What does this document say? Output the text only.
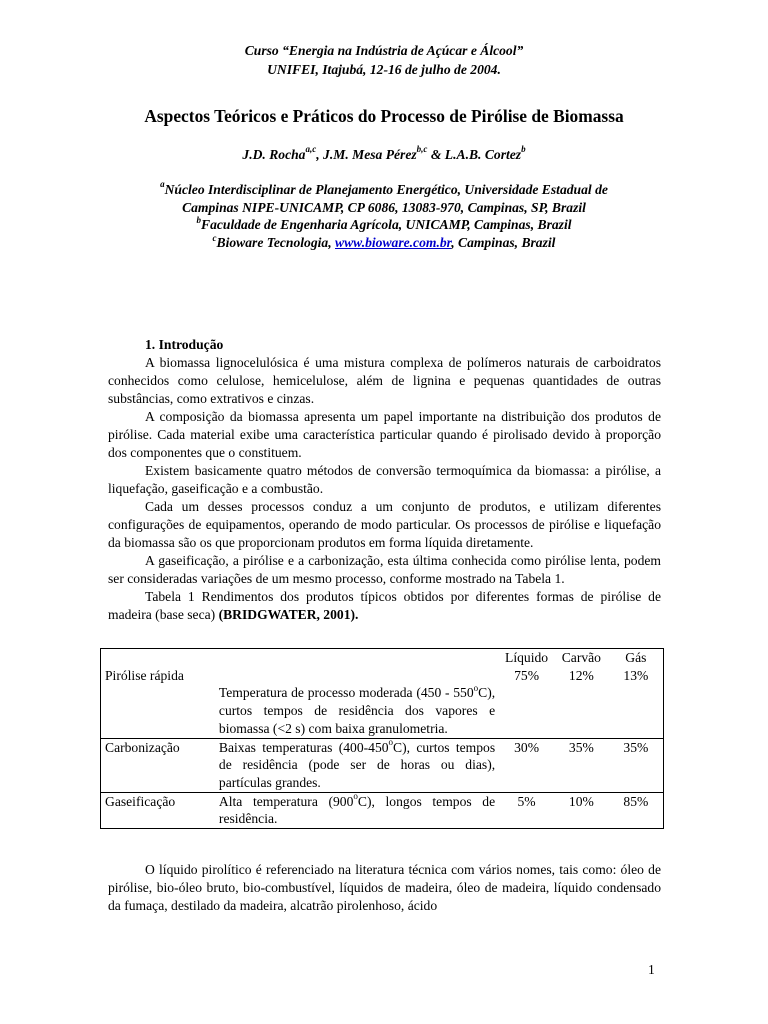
Curso “Energia na Indústria de Açúcar e Álcool”
UNIFEI, Itajubá, 12-16 de julho de 2004.
Aspectos Teóricos e Práticos do Processo de Pirólise de Biomassa
J.D. Rocha$^{a,c}$, J.M. Mesa Pérez$^{b,c}$ & L.A.B. Cortez$^b$
$^a$Núcleo Interdisciplinar de Planejamento Energético, Universidade Estadual de
Campinas NIPE-UNICAMP, CP 6086, 13083-970, Campinas, SP, Brazil
$^b$Faculdade de Engenharia Agrícola, UNICAMP, Campinas, Brazil
$^c$Bioware Tecnologia, www.bioware.com.br, Campinas, Brazil
1. Introdução

A biomassa lignocelulósica é uma mistura complexa de polímeros naturais de carboidratos conhecidos como celulose, hemicelulose, além de lignina e pequenas quantidades de outras substâncias, como extrativos e cinzas.

A composição da biomassa apresenta um papel importante na distribuição dos produtos de pirólise. Cada material exibe uma característica particular quando é pirolisado devido à proporção dos componentes que o constituem.

Existem basicamente quatro métodos de conversão termoquímica da biomassa: a pirólise, a liquefação, gaseificação e a combustão.

Cada um desses processos conduz a um conjunto de produtos, e utilizam diferentes configurações de equipamentos, operando de modo particular. Os processos de pirólise e liquefação da biomassa são os que proporcionam produtos em forma líquida diretamente.

A gaseificação, a pirólise e a carbonização, esta última conhecida como pirólise lenta, podem ser consideradas variações de um mesmo processo, conforme mostrado na Tabela 1.

Tabela 1 Rendimentos dos produtos típicos obtidos por diferentes formas de pirólise de madeira (base seca) (BRIDGWATER, 2001).

		Líquido	Carvão	Gás
Pirólise rápida	Temperatura de processo moderada (450 - 550$^o$C), curtos tempos de residência dos vapores e biomassa (<2 s) com baixa granulometria.	75%	12%	13%
Carbonização	Baixas temperaturas (400-450$^o$C), curtos tempos de residência (pode ser de horas ou dias), partículas grandes.	30%	35%	35%
Gaseificação	Alta temperatura (900$^o$C), longos tempos de residência.	5%	10%	85%

O líquido pirolítico é referenciado na literatura técnica com vários nomes, tais como: óleo de pirólise, bio-óleo bruto, bio-combustível, líquidos de madeira, óleo de madeira, líquido condensado da fumaça, destilado da madeira, alcatrão pirolenhoso, ácido

1
